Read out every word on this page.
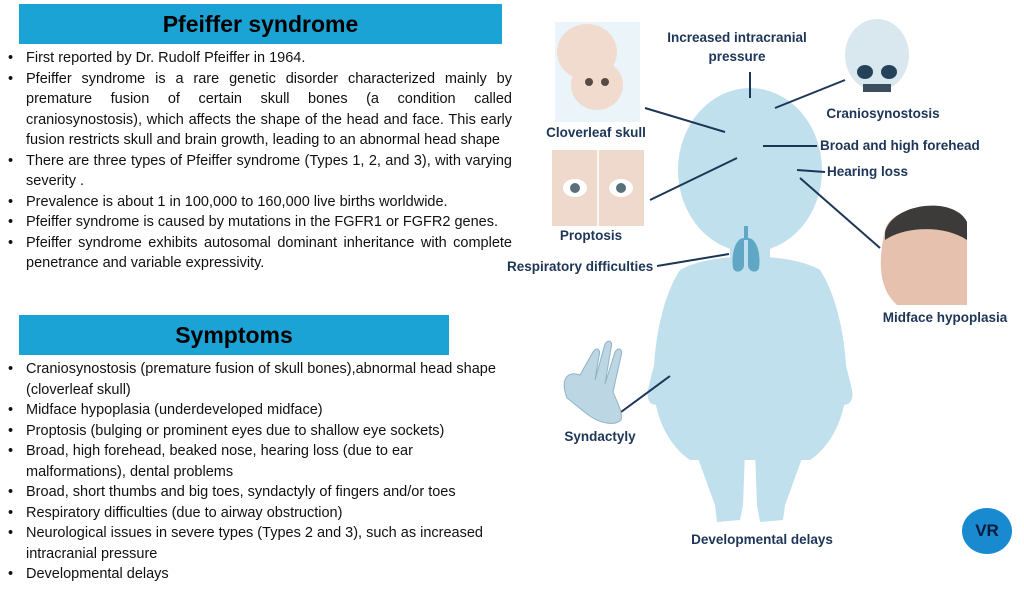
Pfeiffer syndrome
• First reported by Dr. Rudolf Pfeiffer in 1964.
• Pfeiffer syndrome is a rare genetic disorder characterized mainly by premature fusion of certain skull bones (a condition called craniosynostosis), which affects the shape of the head and face. This early fusion restricts skull and brain growth, leading to an abnormal head shape
• There are three types of Pfeiffer syndrome (Types 1, 2, and 3), with varying severity .
• Prevalence is about 1 in 100,000 to 160,000 live births worldwide.
• Pfeiffer syndrome is caused by mutations in the FGFR1 or FGFR2 genes.
• Pfeiffer syndrome exhibits autosomal dominant inheritance with complete penetrance and variable expressivity.
Symptoms
• Craniosynostosis (premature fusion of skull bones),abnormal head shape (cloverleaf skull)
• Midface hypoplasia (underdeveloped midface)
• Proptosis (bulging or prominent eyes due to shallow eye sockets)
• Broad, high forehead, beaked nose, hearing loss (due to ear malformations), dental problems
• Broad, short thumbs and big toes, syndactyly of fingers and/or toes
• Respiratory difficulties (due to airway obstruction)
• Neurological issues in severe types (Types 2 and 3), such as increased intracranial pressure
• Developmental delays
Increased intracranial
pressure
Craniosynostosis
Cloverleaf skull
Broad and high forehead
Hearing loss
Proptosis
Respiratory difficulties
Midface hypoplasia
Syndactyly
Developmental delays	VR
